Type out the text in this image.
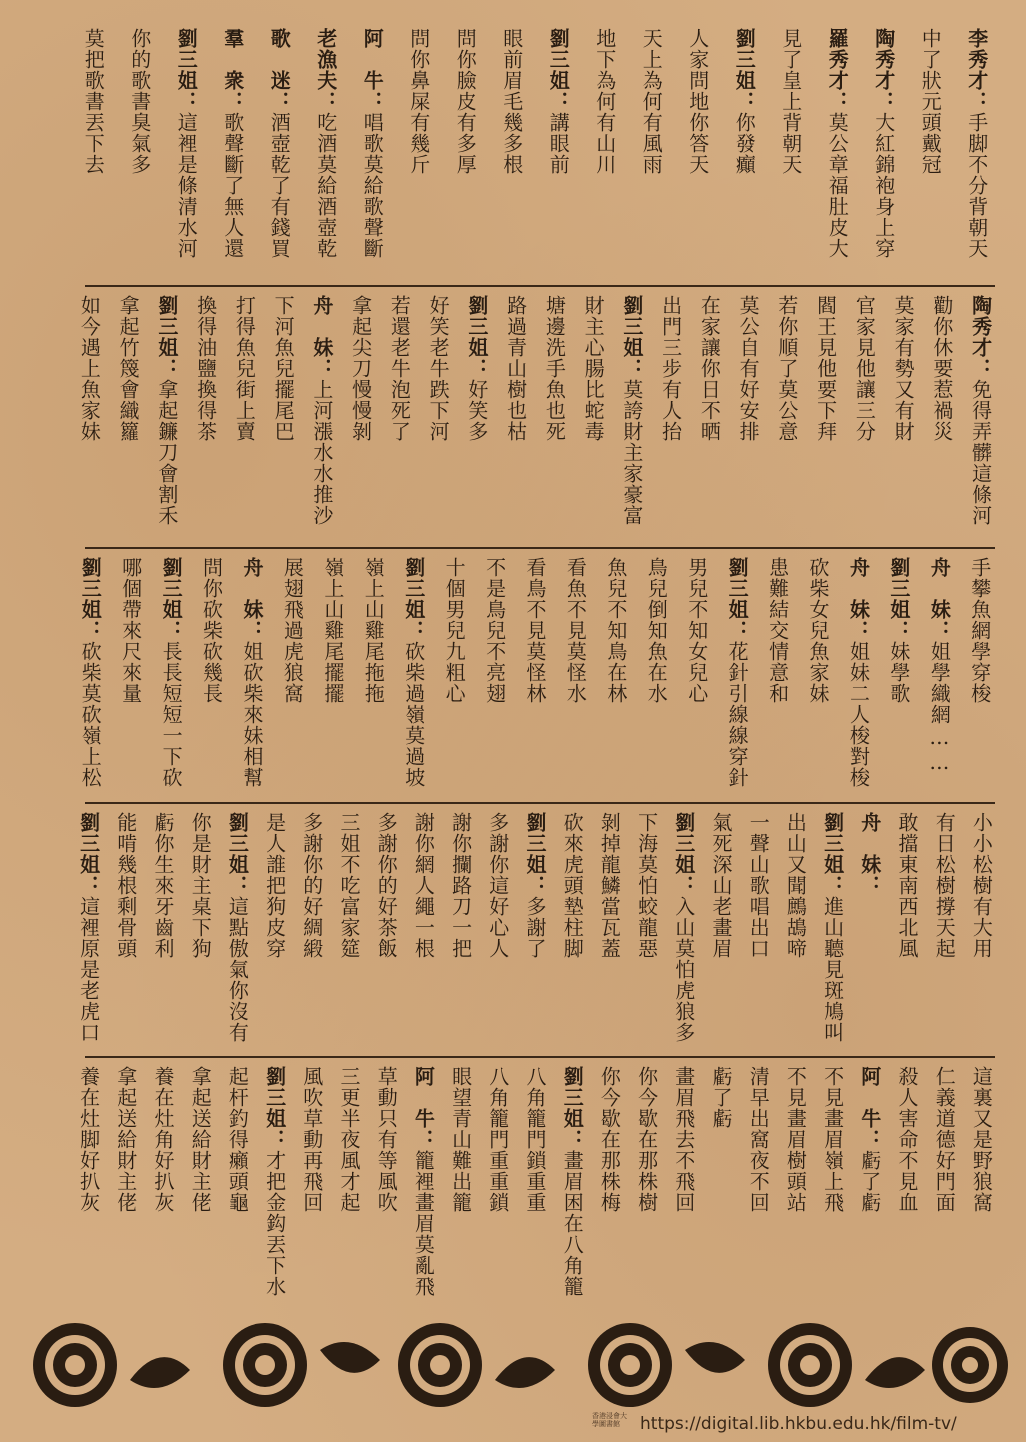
李秀才：手脚不分背朝天
中了狀元頭戴冠
陶秀才：大紅錦袍身上穿
羅秀才：莫公章福肚皮大
見了皇上背朝天
劉三姐：你發癲
人家問地你答天
天上為何有風雨
地下為何有山川
劉三姐：講眼前
眼前眉毛幾多根
問你臉皮有多厚
問你鼻屎有幾斤
阿　牛：唱歌莫給歌聲斷
老漁夫：吃酒莫給酒壺乾
歌　迷：酒壺乾了有錢買
羣　衆：歌聲斷了無人還
劉三姐：這裡是條清水河
你的歌書臭氣多
莫把歌書丟下去
陶秀才：免得弄髒這條河
勸你休要惹禍災
莫家有勢又有財
官家見他讓三分
閻王見他要下拜
若你順了莫公意
莫公自有好安排
在家讓你日不晒
出門三步有人抬
劉三姐：莫誇財主家豪富
財主心腸比蛇毒
塘邊洗手魚也死
路過青山樹也枯
劉三姐：好笑多
好笑老牛跌下河
若還老牛泡死了
拿起尖刀慢慢剝
舟　妹：上河漲水水推沙
下河魚兒擺尾巴
打得魚兒街上賣
換得油鹽換得茶
劉三姐：拿起鐮刀會割禾
拿起竹篾會織籮
如今遇上魚家妹
手攀魚網學穿梭
舟　妹：姐學織網……
劉三姐：妹學歌
舟　妹：姐妹二人梭對梭
砍柴女兒魚家妹
患難結交情意和
劉三姐：花針引線線穿針
男兒不知女兒心
鳥兒倒知魚在水
魚兒不知鳥在林
看魚不見莫怪水
看鳥不見莫怪林
不是鳥兒不亮翅
十個男兒九粗心
劉三姐：砍柴過嶺莫過坡
嶺上山雞尾拖拖
嶺上山雞尾擺擺
展翅飛過虎狼窩
舟　妹：姐砍柴來妹相幫
問你砍柴砍幾長
劉三姐：長長短短一下砍
哪個帶來尺來量
劉三姐：砍柴莫砍嶺上松
小小松樹有大用
有日松樹撐天起
敢擋東南西北風
舟　妹：
劉三姐：進山聽見斑鳩叫
出山又聞鷓鴣啼
一聲山歌唱出口
氣死深山老畫眉
劉三姐：入山莫怕虎狼多
下海莫怕蛟龍惡
剝掉龍鱗當瓦蓋
砍來虎頭墊柱脚
劉三姐：多謝了
多謝你這好心人
謝你攔路刀一把
謝你網人繩一根
多謝你的好茶飯
三姐不吃富家筵
多謝你的好綢緞
是人誰把狗皮穿
劉三姐：這點傲氣你沒有
你是財主桌下狗
虧你生來牙齒利
能啃幾根剩骨頭
劉三姐：這裡原是老虎口
這裏又是野狼窩
仁義道德好門面
殺人害命不見血
阿　牛：虧了虧
不見畫眉嶺上飛
不見畫眉樹頭站
清早出窩夜不回
虧了虧
畫眉飛去不飛回
你今歇在那株樹
你今歇在那株梅
劉三姐：畫眉困在八角籠
八角籠門鎖重重
八角籠門重重鎖
眼望青山難出籠
阿　牛：籠裡畫眉莫亂飛
草動只有等風吹
三更半夜風才起
風吹草動再飛回
劉三姐：才把金鈎丟下水
起杆釣得癩頭龜
拿起送給財主佬
養在灶角好扒灰
拿起送給財主佬
養在灶脚好扒灰
香港浸會大學圖書館	https://digital.lib.hkbu.edu.hk/film-tv/
